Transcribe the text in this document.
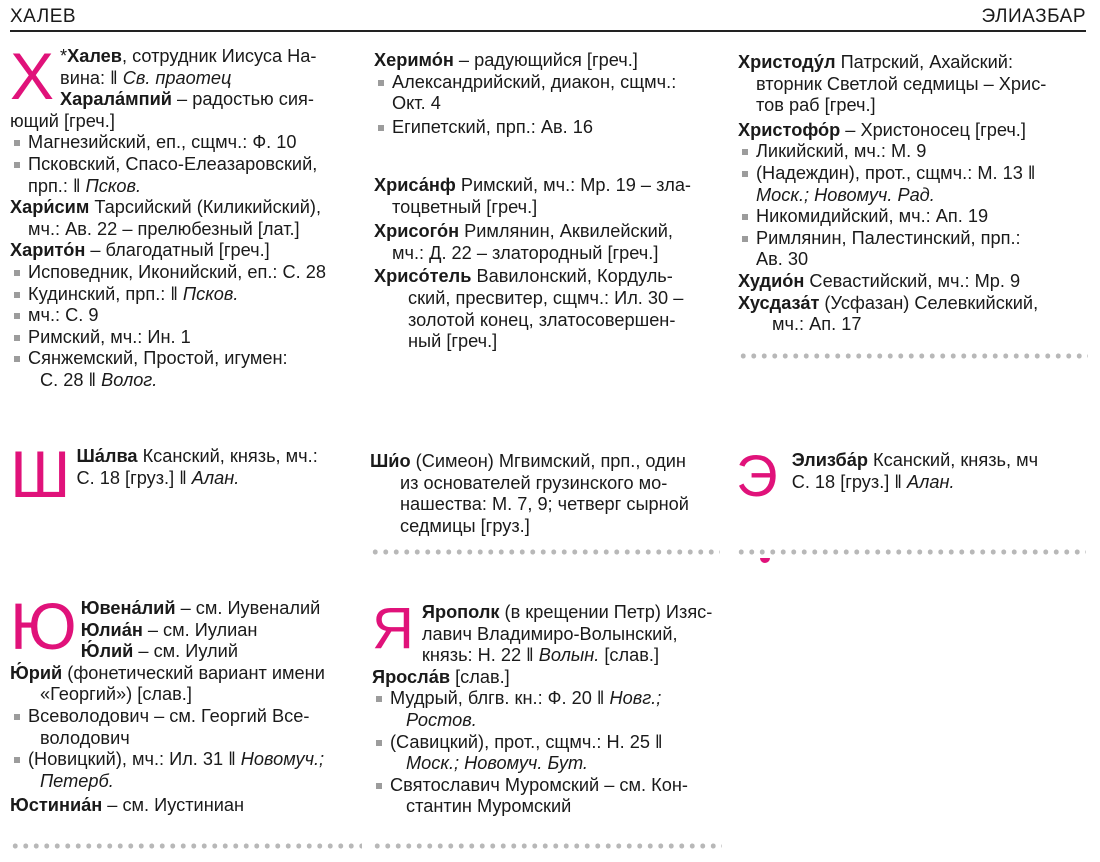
ХАЛЕВ	ЭЛИАЗБАР
Х *Халев, сотрудник Иисуса На-
вина: ‖ Св. праотец
Харала́мпий – радостью сия-
ющий [греч.]
Магнезийский, еп., сщмч.: Ф. 10
Псковский, Спасо-Елеазаровский,
прп.: ‖ Псков.
Хари́сим Тарсийский (Киликийский),
мч.: Ав. 22 – прелюбезный [лат.]
Харито́н – благодатный [греч.]
Исповедник, Иконийский, еп.: С. 28
Кудинский, прп.: ‖ Псков.
мч.: С. 9
Римский, мч.: Ин. 1
Сянжемский, Простой, игумен:
С. 28 ‖ Волог.
Херимо́н – радующийся [греч.]
Александрийский, диакон, сщмч.:
Окт. 4
Египетский, прп.: Ав. 16
Хриса́нф Римский, мч.: Мр. 19 – зла-
тоцветный [греч.]
Хрисого́н Римлянин, Аквилейский,
мч.: Д. 22 – златородный [греч.]
Хрисо́тель Вавилонский, Кордуль-
ский, пресвитер, сщмч.: Ил. 30 –
золотой конец, златосовершен-
ный [греч.]
Христоду́л Патрский, Ахайский:
вторник Светлой седмицы – Хрис-
тов раб [греч.]
Христофо́р – Христоносец [греч.]
Ликийский, мч.: М. 9
(Надеждин), прот., сщмч.: М. 13 ‖
Моск.; Новомуч. Рад.
Никомидийский, мч.: Ап. 19
Римлянин, Палестинский, прп.:
Ав. 30
Худио́н Севастийский, мч.: Мр. 9
Хусдаза́т (Усфазан) Селевкийский,
мч.: Ап. 17
Ш Ша́лва Ксанский, князь, мч.:
С. 18 [груз.] ‖ Алан.
Ши́о (Симеон) Мгвимский, прп., один
из основателей грузинского мо-
нашества: М. 7, 9; четверг сырной
седмицы [груз.]
Э Элизба́р Ксанский, князь, мч
С. 18 [груз.] ‖ Алан.
Ю Ювена́лий – см. Иувеналий
Юлиа́н – см. Иулиан
Ю́лий – см. Иулий
Ю́рий (фонетический вариант имени
«Георгий») [слав.]
Всеволодович – см. Георгий Все-
володович
(Новицкий), мч.: Ил. 31 ‖ Новомуч.;
Петерб.
Юстиниа́н – см. Иустиниан
Я Ярополк (в крещении Петр) Изяс-
лавич Владимиро-Волынский,
князь: Н. 22 ‖ Волын. [слав.]
Яросла́в [слав.]
Мудрый, блгв. кн.: Ф. 20 ‖ Новг.;
Ростов.
(Савицкий), прот., сщмч.: Н. 25 ‖
Моск.; Новомуч. Бут.
Святославич Муромский – см. Кон-
стантин Муромский
